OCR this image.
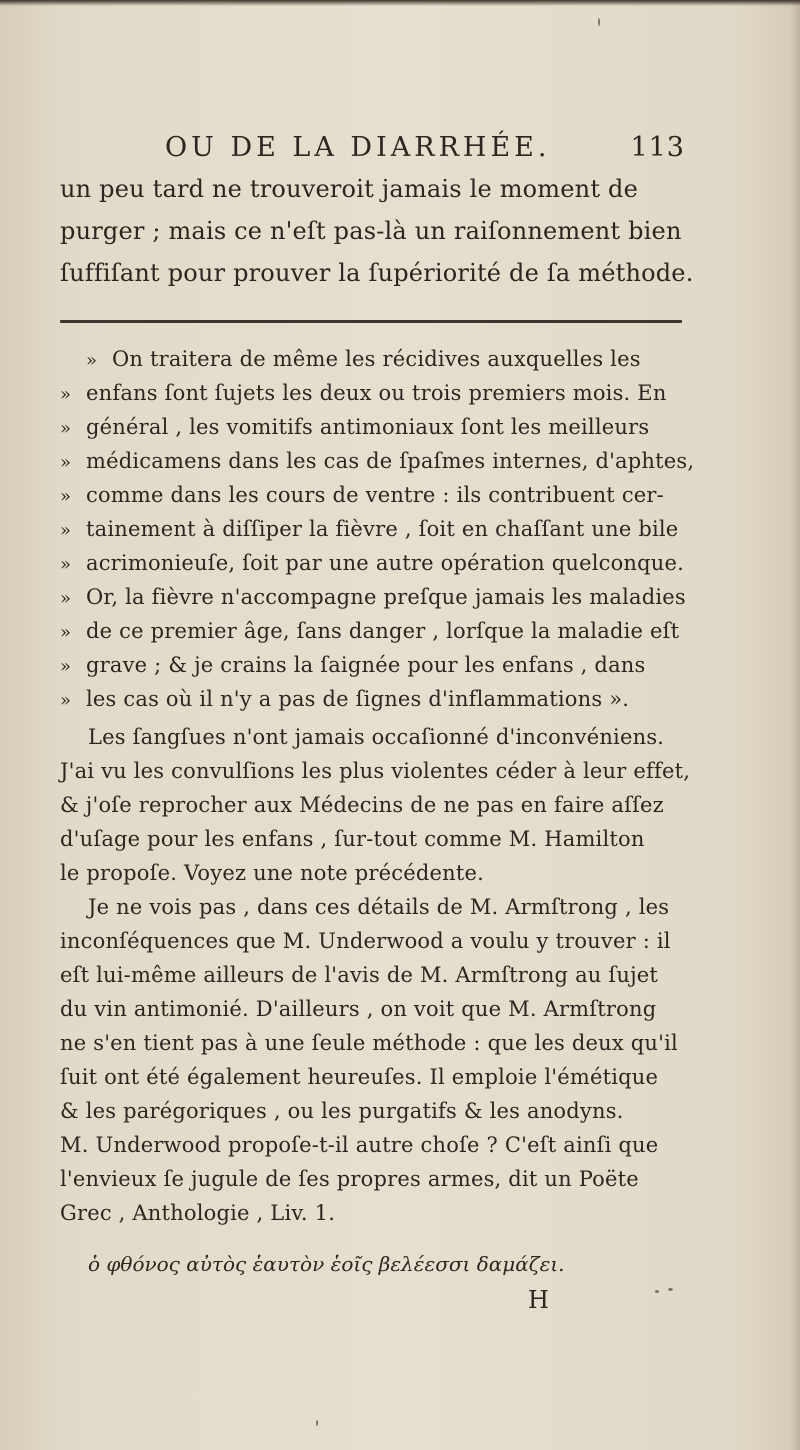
OU DE LA DIARRHÉE.	113
un peu tard ne trouveroit jamais le moment de
purger ; mais ce n'eſt pas-là un raiſonnement bien
ſuffiſant pour prouver la ſupériorité de ſa méthode.
» On traitera de même les récidives auxquelles les
» enfans ſont ſujets les deux ou trois premiers mois. En
» général , les vomitifs antimoniaux ſont les meilleurs
» médicamens dans les cas de ſpaſmes internes, d'aphtes,
» comme dans les cours de ventre : ils contribuent cer-
» tainement à diſſiper la fièvre , ſoit en chaſſant une bile
» acrimonieuſe, ſoit par une autre opération quelconque.
» Or, la fièvre n'accompagne preſque jamais les maladies
» de ce premier âge, ſans danger , lorſque la maladie eſt
» grave ; & je crains la ſaignée pour les enfans , dans
» les cas où il n'y a pas de ſignes d'inflammations ».
Les ſangſues n'ont jamais occaſionné d'inconvéniens.
J'ai vu les convulſions les plus violentes céder à leur effet,
& j'oſe reprocher aux Médecins de ne pas en faire aſſez
d'uſage pour les enfans , ſur-tout comme M. Hamilton
le propoſe. Voyez une note précédente.
Je ne vois pas , dans ces détails de M. Armſtrong , les
inconſéquences que M. Underwood a voulu y trouver : il
eſt lui-même ailleurs de l'avis de M. Armſtrong au ſujet
du vin antimonié. D'ailleurs , on voit que M. Armſtrong
ne s'en tient pas à une ſeule méthode : que les deux qu'il
ſuit ont été également heureuſes. Il emploie l'émétique
& les parégoriques , ou les purgatifs & les anodyns.
M. Underwood propoſe-t-il autre choſe ? C'eſt ainſi que
l'envieux ſe jugule de ſes propres armes, dit un Poëte
Grec , Anthologie , Liv. 1.
ὁ φθόνος αὐτὸς ἑαυτὸν ἑοῖς βελέεσσι δαμάζει.
H
